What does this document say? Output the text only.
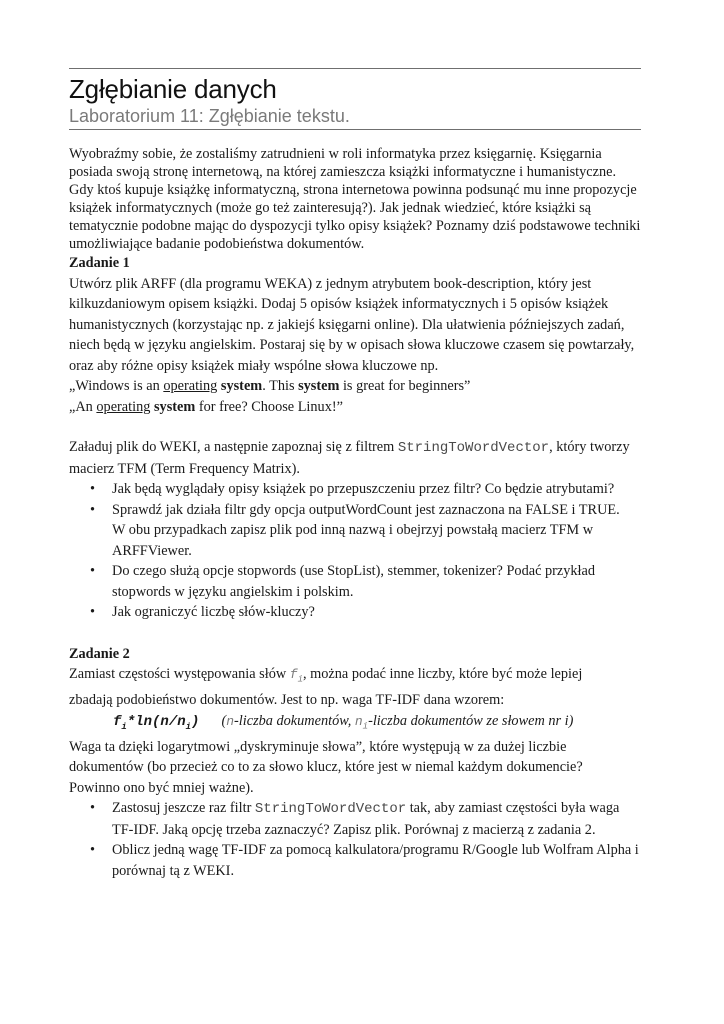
Zgłębianie danych
Laboratorium 11: Zgłębianie tekstu.

Wyobraźmy sobie, że zostaliśmy zatrudnieni w roli informatyka przez księgarnię. Księgarnia

posiada swoją stronę internetową, na której zamieszcza książki informatyczne i humanistyczne.

Gdy ktoś kupuje książkę informatyczną, strona internetowa powinna podsunąć mu inne propozycje

książek informatycznych (może go też zainteresują?). Jak jednak wiedzieć, które książki są

tematycznie podobne mając do dyspozycji tylko opisy książek? Poznamy dziś podstawowe techniki

umożliwiające badanie podobieństwa dokumentów.

Zadanie 1

Utwórz plik ARFF (dla programu WEKA) z jednym atrybutem book-description, który jest

kilkuzdaniowym opisem książki. Dodaj 5 opisów książek informatycznych i 5 opisów książek

humanistycznych (korzystając np. z jakiejś księgarni online). Dla ułatwienia późniejszych zadań,

niech będą w języku angielskim. Postaraj się by w opisach słowa kluczowe czasem się powtarzały,

oraz aby różne opisy książek miały wspólne słowa kluczowe np.

„Windows is an operating system. This system is great for beginners”

„An operating system for free? Choose Linux!”

Załaduj plik do WEKI, a następnie zapoznaj się z filtrem StringToWordVector, który tworzy

macierz TFM (Term Frequency Matrix).

• Jak będą wyglądały opisy książek po przepuszczeniu przez filtr? Co będzie atrybutami?
• Sprawdź jak działa filtr gdy opcja outputWordCount jest zaznaczona na FALSE i TRUE.
W obu przypadkach zapisz plik pod inną nazwą i obejrzyj powstałą macierz TFM w
ARFFViewer.
• Do czego służą opcje stopwords (use StopList), stemmer, tokenizer? Podać przykład
stopwords w języku angielskim i polskim.
• Jak ograniczyć liczbę słów-kluczy?

Zadanie 2

Zamiast częstości występowania słów $f_i$, można podać inne liczby, które być może lepiej

zbadają podobieństwo dokumentów. Jest to np. waga TF-IDF dana wzorem:

$f_i*\ln(n/n_i)$ (n-liczba dokumentów, $n_i$-liczba dokumentów ze słowem nr i)

Waga ta dzięki logarytmowi „dyskryminuje słowa”, które występują w za dużej liczbie

dokumentów (bo przecież co to za słowo klucz, które jest w niemal każdym dokumencie?

Powinno ono być mniej ważne).

• Zastosuj jeszcze raz filtr StringToWordVector tak, aby zamiast częstości była waga
TF-IDF. Jaką opcję trzeba zaznaczyć? Zapisz plik. Porównaj z macierzą z zadania 2.
• Oblicz jedną wagę TF-IDF za pomocą kalkulatora/programu R/Google lub Wolfram Alpha i
porównaj tą z WEKI.
